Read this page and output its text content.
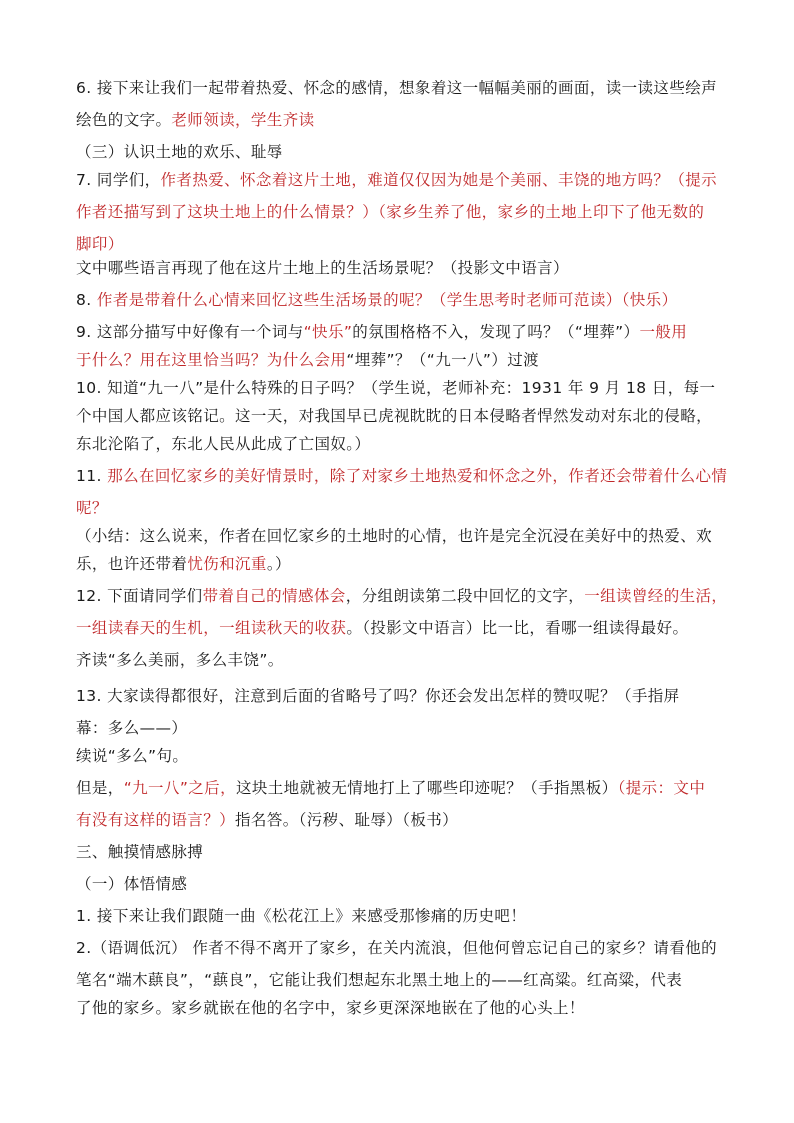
6. 接下来让我们一起带着热爱、怀念的感情，想象着这一幅幅美丽的画面，读一读这些绘声
绘色的文字。老师领读，学生齐读
（三）认识土地的欢乐、耻辱
7. 同学们，作者热爱、怀念着这片土地，难道仅仅因为她是个美丽、丰饶的地方吗？（提示
作者还描写到了这块土地上的什么情景？）（家乡生养了他，家乡的土地上印下了他无数的
脚印）
文中哪些语言再现了他在这片土地上的生活场景呢？（投影文中语言）
8. 作者是带着什么心情来回忆这些生活场景的呢？（学生思考时老师可范读）（快乐）
9. 这部分描写中好像有一个词与“快乐”的氛围格格不入，发现了吗？（“埋葬”）一般用
于什么？用在这里恰当吗？为什么会用“埋葬”？（“九一八”）过渡
10. 知道“九一八”是什么特殊的日子吗？（学生说，老师补充：1931 年 9 月 18 日，每一
个中国人都应该铭记。这一天，对我国早已虎视眈眈的日本侵略者悍然发动对东北的侵略，
东北沦陷了，东北人民从此成了亡国奴。）
11. 那么在回忆家乡的美好情景时，除了对家乡土地热爱和怀念之外，作者还会带着什么心情
呢？
（小结：这么说来，作者在回忆家乡的土地时的心情，也许是完全沉浸在美好中的热爱、欢
乐，也许还带着忧伤和沉重。）
12. 下面请同学们带着自己的情感体会，分组朗读第二段中回忆的文字，一组读曾经的生活，
一组读春天的生机，一组读秋天的收获。（投影文中语言）比一比，看哪一组读得最好。
齐读“多么美丽，多么丰饶”。
13. 大家读得都很好，注意到后面的省略号了吗？你还会发出怎样的赞叹呢？（手指屏
幕：多么——）
续说“多么”句。
但是，“九一八”之后，这块土地就被无情地打上了哪些印迹呢？（手指黑板）（提示：文中
有没有这样的语言？）指名答。（污秽、耻辱）（板书）
三、触摸情感脉搏
（一）体悟情感
1. 接下来让我们跟随一曲《松花江上》来感受那惨痛的历史吧！
2.（语调低沉） 作者不得不离开了家乡，在关内流浪，但他何曾忘记自己的家乡？请看他的
笔名“端木蕻良”，“蕻良”，它能让我们想起东北黑土地上的——红高粱。红高粱，代表
了他的家乡。家乡就嵌在他的名字中，家乡更深深地嵌在了他的心头上！
